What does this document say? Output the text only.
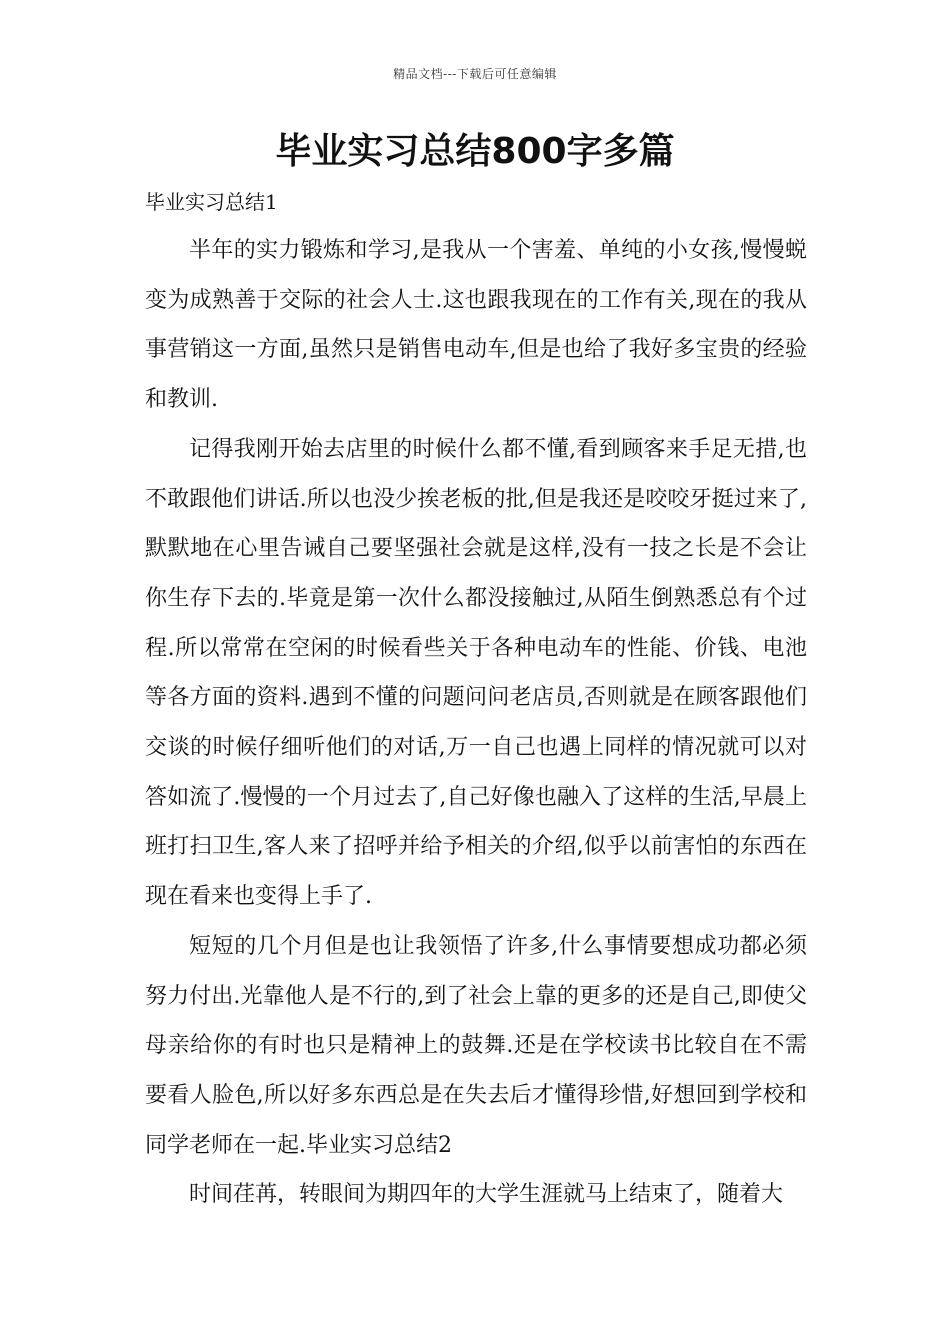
精品文档---下载后可任意编辑
毕业实习总结800字多篇

毕业实习总结1

半年的实力锻炼和学习,是我从一个害羞、单纯的小女孩,慢慢蜕变为成熟善于交际的社会人士.这也跟我现在的工作有关,现在的我从事营销这一方面,虽然只是销售电动车,但是也给了我好多宝贵的经验和教训.

记得我刚开始去店里的时候什么都不懂,看到顾客来手足无措,也不敢跟他们讲话.所以也没少挨老板的批,但是我还是咬咬牙挺过来了,默默地在心里告诫自己要坚强社会就是这样,没有一技之长是不会让你生存下去的.毕竟是第一次什么都没接触过,从陌生倒熟悉总有个过程.所以常常在空闲的时候看些关于各种电动车的性能、价钱、电池等各方面的资料.遇到不懂的问题问问老店员,否则就是在顾客跟他们交谈的时候仔细听他们的对话,万一自己也遇上同样的情况就可以对答如流了.慢慢的一个月过去了,自己好像也融入了这样的生活,早晨上班打扫卫生,客人来了招呼并给予相关的介绍,似乎以前害怕的东西在现在看来也变得上手了.

短短的几个月但是也让我领悟了许多,什么事情要想成功都必须努力付出.光靠他人是不行的,到了社会上靠的更多的还是自己,即使父母亲给你的有时也只是精神上的鼓舞.还是在学校读书比较自在不需要看人脸色,所以好多东西总是在失去后才懂得珍惜,好想回到学校和同学老师在一起.毕业实习总结2

时间荏苒，转眼间为期四年的大学生涯就马上结束了，随着大
